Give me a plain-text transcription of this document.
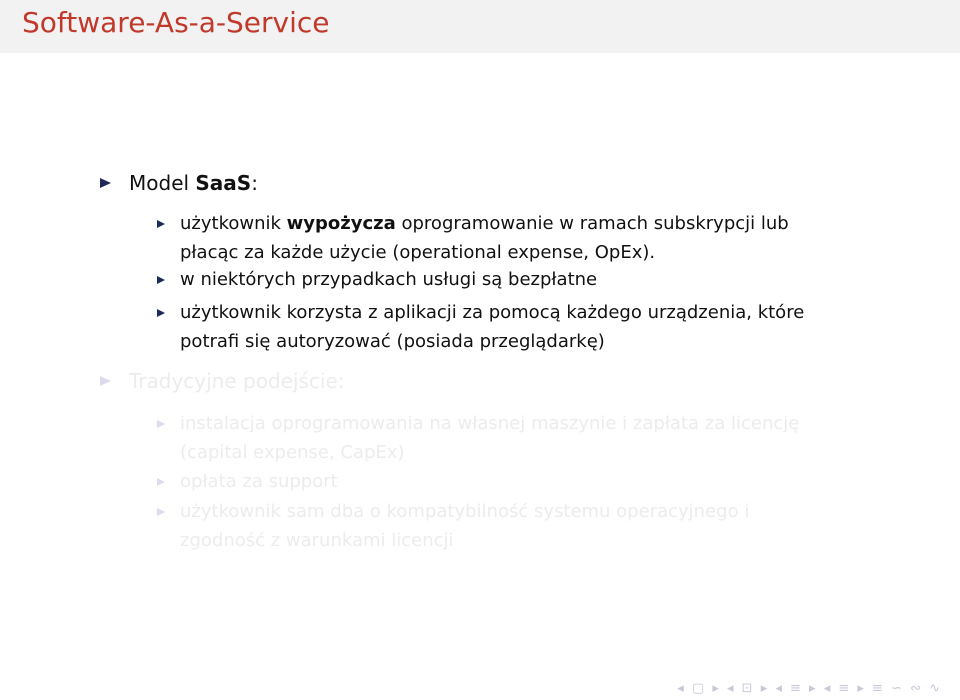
Software-As-a-Service
Model SaaS:
użytkownik wypożycza oprogramowanie w ramach subskrypcji lub
płacąc za każde użycie (operational expense, OpEx).
w niektórych przypadkach usługi są bezpłatne
użytkownik korzysta z aplikacji za pomocą każdego urządzenia, które
potrafi się autoryzować (posiada przeglądarkę)
Tradycyjne podejście:
instalacja oprogramowania na własnej maszynie i zapłata za licencję
(capital expense, CapEx)
opłata za support
użytkownik sam dba o kompatybilność systemu operacyjnego i
zgodność z warunkami licencji
◂ ▢ ▸ ◂ ⊡ ▸ ◂ ≡ ▸ ◂ ≡ ▸ ≡ ∽ ∾ ∿
